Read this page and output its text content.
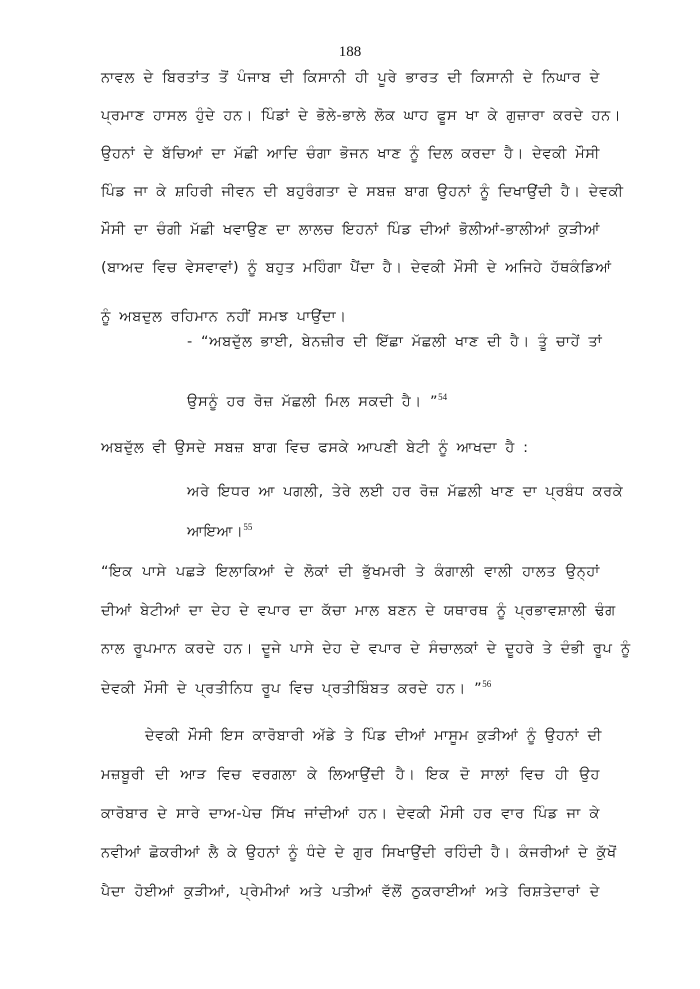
188
ਨਾਵਲ ਦੇ ਬਿਰਤਾਂਤ ਤੋਂ ਪੰਜਾਬ ਦੀ ਕਿਸਾਨੀ ਹੀ ਪੂਰੇ ਭਾਰਤ ਦੀ ਕਿਸਾਨੀ ਦੇ ਨਿਘਾਰ ਦੇ
ਪ੍ਰਮਾਣ ਹਾਸਲ ਹੁੰਦੇ ਹਨ। ਪਿੰਡਾਂ ਦੇ ਭੋਲੇ-ਭਾਲੇ ਲੋਕ ਘਾਹ ਫੂਸ ਖਾ ਕੇ ਗੁਜ਼ਾਰਾ ਕਰਦੇ ਹਨ।
ਉਹਨਾਂ ਦੇ ਬੱਚਿਆਂ ਦਾ ਮੱਛੀ ਆਦਿ ਚੰਗਾ ਭੋਜਨ ਖਾਣ ਨੂੰ ਦਿਲ ਕਰਦਾ ਹੈ। ਦੇਵਕੀ ਮੌਸੀ
ਪਿੰਡ ਜਾ ਕੇ ਸ਼ਹਿਰੀ ਜੀਵਨ ਦੀ ਬਹੁਰੰਗਤਾ ਦੇ ਸਬਜ਼ ਬਾਗ ਉਹਨਾਂ ਨੂੰ ਦਿਖਾਉਂਦੀ ਹੈ। ਦੇਵਕੀ
ਮੌਸੀ ਦਾ ਚੰਗੀ ਮੱਛੀ ਖਵਾਉਣ ਦਾ ਲਾਲਚ ਇਹਨਾਂ ਪਿੰਡ ਦੀਆਂ ਭੋਲੀਆਂ-ਭਾਲੀਆਂ ਕੁੜੀਆਂ
(ਬਾਅਦ ਵਿਚ ਵੇਸਵਾਵਾਂ) ਨੂੰ ਬਹੁਤ ਮਹਿੰਗਾ ਪੈਂਦਾ ਹੈ। ਦੇਵਕੀ ਮੌਸੀ ਦੇ ਅਜਿਹੇ ਹੱਥਕੰਡਿਆਂ
ਨੂੰ ਅਬਦੁਲ ਰਹਿਮਾਨ ਨਹੀਂ ਸਮਝ ਪਾਉਂਦਾ।
- “ਅਬਦੁੱਲ ਭਾਈ, ਬੇਨਜ਼ੀਰ ਦੀ ਇੱਛਾ ਮੱਛਲੀ ਖਾਣ ਦੀ ਹੈ। ਤੂੰ ਚਾਹੇਂ ਤਾਂ
ਉਸਨੂੰ ਹਰ ਰੋਜ਼ ਮੱਛਲੀ ਮਿਲ ਸਕਦੀ ਹੈ। ”$^{54}$
ਅਬਦੁੱਲ ਵੀ ਉਸਦੇ ਸਬਜ਼ ਬਾਗ ਵਿਚ ਫਸਕੇ ਆਪਣੀ ਬੇਟੀ ਨੂੰ ਆਖਦਾ ਹੈ :
ਅਰੇ ਇਧਰ ਆ ਪਗਲੀ, ਤੇਰੇ ਲਈ ਹਰ ਰੋਜ਼ ਮੱਛਲੀ ਖਾਣ ਦਾ ਪ੍ਰਬੰਧ ਕਰਕੇ
ਆਇਆ।$^{55}$
“ਇਕ ਪਾਸੇ ਪਛੜੇ ਇਲਾਕਿਆਂ ਦੇ ਲੋਕਾਂ ਦੀ ਭੁੱਖਮਰੀ ਤੇ ਕੰਗਾਲੀ ਵਾਲੀ ਹਾਲਤ ਉਨ੍ਹਾਂ
ਦੀਆਂ ਬੇਟੀਆਂ ਦਾ ਦੇਹ ਦੇ ਵਪਾਰ ਦਾ ਕੱਚਾ ਮਾਲ ਬਣਨ ਦੇ ਯਥਾਰਥ ਨੂੰ ਪ੍ਰਭਾਵਸ਼ਾਲੀ ਢੰਗ
ਨਾਲ ਰੂਪਮਾਨ ਕਰਦੇ ਹਨ। ਦੂਜੇ ਪਾਸੇ ਦੇਹ ਦੇ ਵਪਾਰ ਦੇ ਸੰਚਾਲਕਾਂ ਦੇ ਦੂਹਰੇ ਤੇ ਦੰਭੀ ਰੂਪ ਨੂੰ
ਦੇਵਕੀ ਮੌਸੀ ਦੇ ਪ੍ਰਤੀਨਿਧ ਰੂਪ ਵਿਚ ਪ੍ਰਤੀਬਿੰਬਤ ਕਰਦੇ ਹਨ। ”$^{56}$
ਦੇਵਕੀ ਮੌਸੀ ਇਸ ਕਾਰੋਬਾਰੀ ਅੱਡੇ ਤੇ ਪਿੰਡ ਦੀਆਂ ਮਾਸੂਮ ਕੁੜੀਆਂ ਨੂੰ ਉਹਨਾਂ ਦੀ
ਮਜ਼ਬੂਰੀ ਦੀ ਆੜ ਵਿਚ ਵਰਗਲਾ ਕੇ ਲਿਆਉਂਦੀ ਹੈ। ਇਕ ਦੋ ਸਾਲਾਂ ਵਿਚ ਹੀ ਉਹ
ਕਾਰੋਬਾਰ ਦੇ ਸਾਰੇ ਦਾਅ-ਪੇਚ ਸਿੱਖ ਜਾਂਦੀਆਂ ਹਨ। ਦੇਵਕੀ ਮੌਸੀ ਹਰ ਵਾਰ ਪਿੰਡ ਜਾ ਕੇ
ਨਵੀਆਂ ਛੋਕਰੀਆਂ ਲੈ ਕੇ ਉਹਨਾਂ ਨੂੰ ਧੰਦੇ ਦੇ ਗੁਰ ਸਿਖਾਉਂਦੀ ਰਹਿੰਦੀ ਹੈ। ਕੰਜਰੀਆਂ ਦੇ ਕੁੱਖੋਂ
ਪੈਦਾ ਹੋਈਆਂ ਕੁੜੀਆਂ, ਪ੍ਰੇਮੀਆਂ ਅਤੇ ਪਤੀਆਂ ਵੱਲੋਂ ਠੁਕਰਾਈਆਂ ਅਤੇ ਰਿਸ਼ਤੇਦਾਰਾਂ ਦੇ
